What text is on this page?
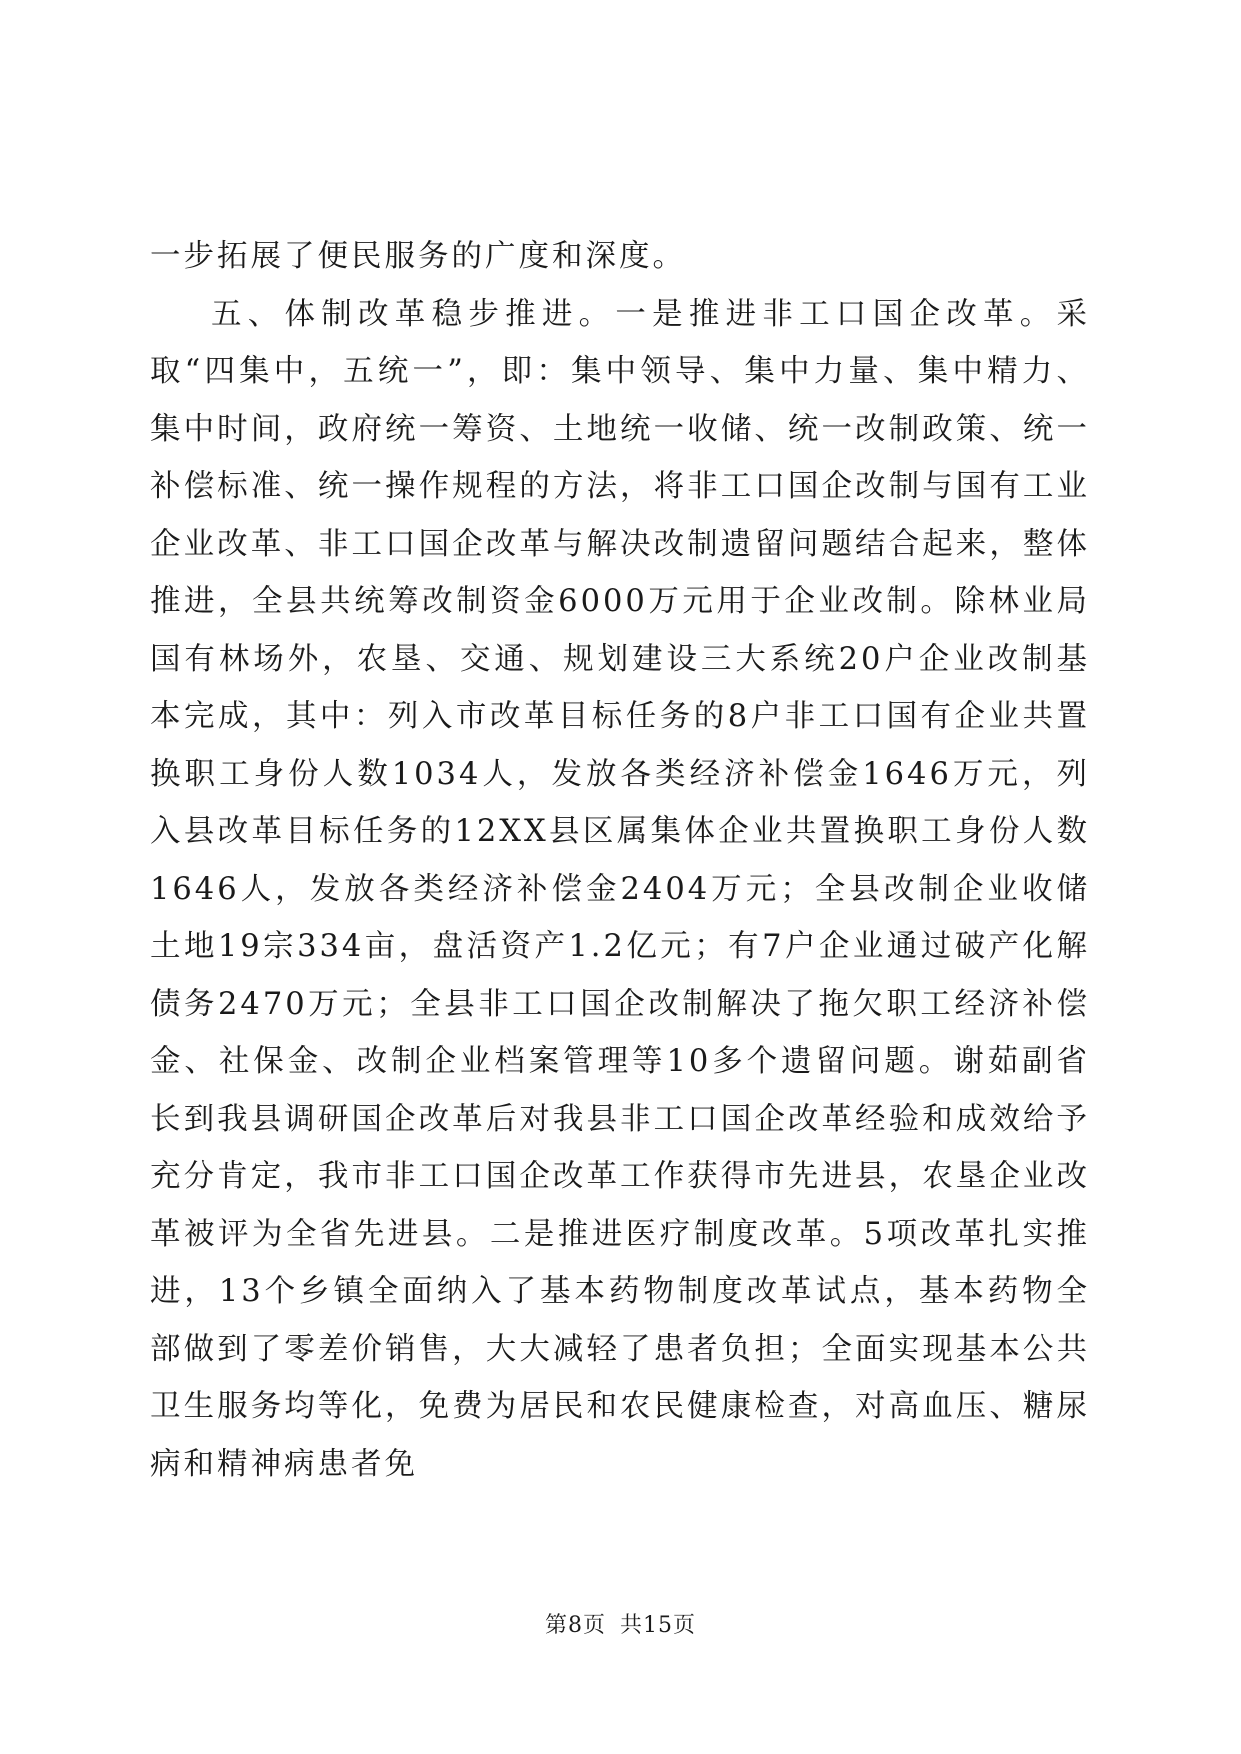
一步拓展了便民服务的广度和深度。

五、体制改革稳步推进。一是推进非工口国企改革。采取“四集中，五统一”，即：集中领导、集中力量、集中精力、集中时间，政府统一筹资、土地统一收储、统一改制政策、统一补偿标准、统一操作规程的方法，将非工口国企改制与国有工业企业改革、非工口国企改革与解决改制遗留问题结合起来，整体推进，全县共统筹改制资金6000万元用于企业改制。除林业局国有林场外，农垦、交通、规划建设三大系统20户企业改制基本完成，其中：列入市改革目标任务的8户非工口国有企业共置换职工身份人数1034人，发放各类经济补偿金1646万元，列入县改革目标任务的12XX县区属集体企业共置换职工身份人数1646人，发放各类经济补偿金2404万元；全县改制企业收储土地19宗334亩，盘活资产1.2亿元；有7户企业通过破产化解债务2470万元；全县非工口国企改制解决了拖欠职工经济补偿金、社保金、改制企业档案管理等10多个遗留问题。谢茹副省长到我县调研国企改革后对我县非工口国企改革经验和成效给予充分肯定，我市非工口国企改革工作获得市先进县，农垦企业改革被评为全省先进县。二是推进医疗制度改革。5项改革扎实推进，13个乡镇全面纳入了基本药物制度改革试点，基本药物全部做到了零差价销售，大大减轻了患者负担；全面实现基本公共卫生服务均等化，免费为居民和农民健康检查，对高血压、糖尿病和精神病患者免

第8页 共15页
